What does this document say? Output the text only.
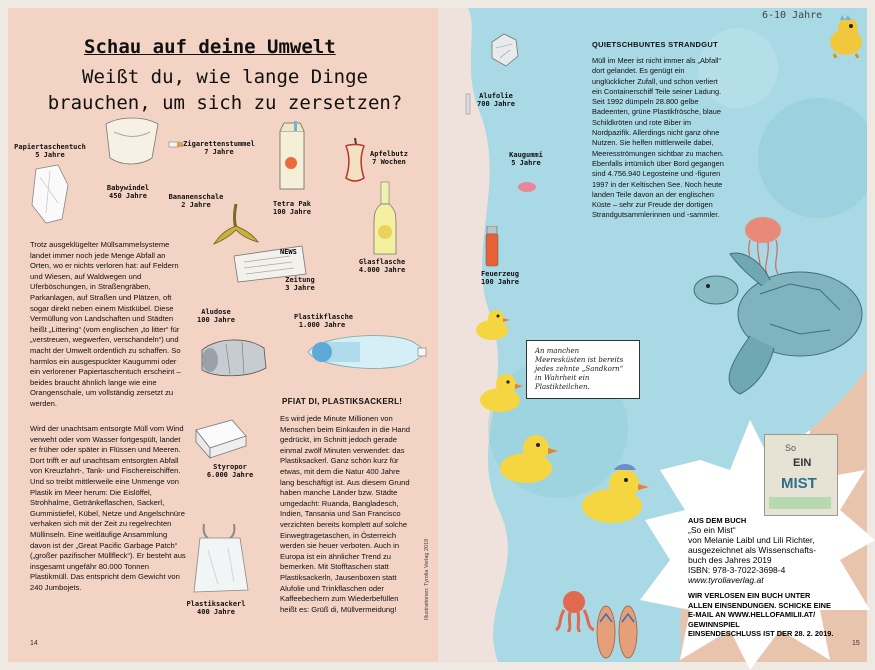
6-10 Jahre
Schau auf deine Umwelt
Weißt du, wie lange Dinge brauchen, um sich zu zersetzen?
Papiertaschentuch
5 Jahre
Babywindel
450 Jahre
Zigarettenstummel
7 Jahre
Bananenschale
2 Jahre	Tetra Pak
100 Jahre
Apfelbutz
7 Wochen
NEWS
Zeitung
3 Jahre
Glasflasche
4.000 Jahre
Aludose
100 Jahre	Plastikflasche
1.000 Jahre
Styropor
6.000 Jahre
Plastiksackerl
400 Jahre
Trotz ausgeklügelter Müllsammelsysteme landet immer noch jede Menge Abfall an Orten, wo er nichts verloren hat: auf Feldern und Wiesen, auf Waldwegen und Uferböschungen, in Straßengräben, Parkanlagen, auf Straßen und Plätzen, oft sogar direkt neben einem Mistkübel. Diese Vermüllung von Landschaften und Städten heißt „Littering“ (vom englischen „to litter“ für „verstreuen, wegwerfen, verschandeln“) und macht der Umwelt ordentlich zu schaffen. So harmlos ein ausgespuckter Kaugummi oder ein verlorener Papiertaschentuch erscheint – beides braucht ähnlich lange wie eine Orangenschale, um vollständig zersetzt zu werden.
Wird der unachtsam entsorgte Müll vom Wind verweht oder vom Wasser fortgespült, landet er früher oder später in Flüssen und Meeren. Dort trifft er auf unachtsam entsorgten Abfall von Kreuzfahrt-, Tank- und Fischereischiffen. Und so treibt mittlerweile eine Unmenge von Plastik im Meer herum: Die Eislöffel, Strohhalme, Getränkeflaschen, Sackerl, Gummistiefel, Kübel, Netze und Angelschnüre verhaken sich mit der Zeit zu regelrechten Müllinseln. Eine weitläufige Ansammlung davon ist der „Great Pacific Garbage Patch“ („großer pazifischer Müllfleck“). Er besteht aus insgesamt ungefähr 80.000 Tonnen Plastikmüll. Das entspricht dem Gewicht von 240 Jumbojets.
PFIAT DI, PLASTIKSACKERL!
Es wird jede Minute Millionen von Menschen beim Einkaufen in die Hand gedrückt, im Schnitt jedoch gerade einmal zwölf Minuten verwendet: das Plastiksackerl. Ganz schön kurz für etwas, mit dem die Natur 400 Jahre lang beschäftigt ist. Aus diesem Grund haben manche Länder bzw. Städte umgedacht: Ruanda, Bangladesch, Indien, Tansania und San Francisco verzichten bereits komplett auf solche Einwegtragetaschen, in Österreich werden sie heuer verboten. Auch in Europa ist ein ähnlicher Trend zu bemerken. Mit Stofftaschen statt Plastiksackerln, Jausenboxen statt Alufolie und Trinkflaschen oder Kaffeebechern zum Wiederbefüllen heißt es: Grüß di, Müllvermeidung!	Illustrationen: Tyrolia Verlag 2019
14
Alufolie
700 Jahre
Kaugummi
5 Jahre
Feuerzeug
100 Jahre
QUIETSCHBUNTES STRANDGUT
Müll im Meer ist nicht immer als „Abfall“ dort gelandet. Es genügt ein unglücklicher Zufall, und schon verliert ein Containerschiff Teile seiner Ladung. Seit 1992 dümpeln 28.800 gelbe Badeenten, grüne Plastikfrösche, blaue Schildkröten und rote Biber im Nordpazifik. Allerdings nicht ganz ohne Nutzen. Sie helfen mittlerweile dabei, Meeresströmungen sichtbar zu machen. Ebenfalls irrtümlich über Bord gegangen sind 4.756.940 Legosteine und -figuren 1997 in der Keltischen See. Noch heute landen Teile davon an der englischen Küste – sehr zur Freude der dortigen Strandgutsammlerinnen und -sammler.
An manchen Meeresküsten ist bereits jedes zehnte „Sandkorn“ in Wahrheit ein Plastikteilchen.
So
EIN
MIST
AUS DEM BUCH
„So ein Mist“
von Melanie Laibl und Lili Richter,
ausgezeichnet als Wissenschafts-
buch des Jahres 2019
ISBN: 978-3-7022-3698-4
www.tyroliaverlag.at
WIR VERLOSEN EIN BUCH UNTER
ALLEN EINSENDUNGEN. SCHICKE EINE
E-MAIL AN WWW.HELLOFAMILII.AT/
GEWINNSPIEL
EINSENDESCHLUSS IST DER 28. 2. 2019.
15
